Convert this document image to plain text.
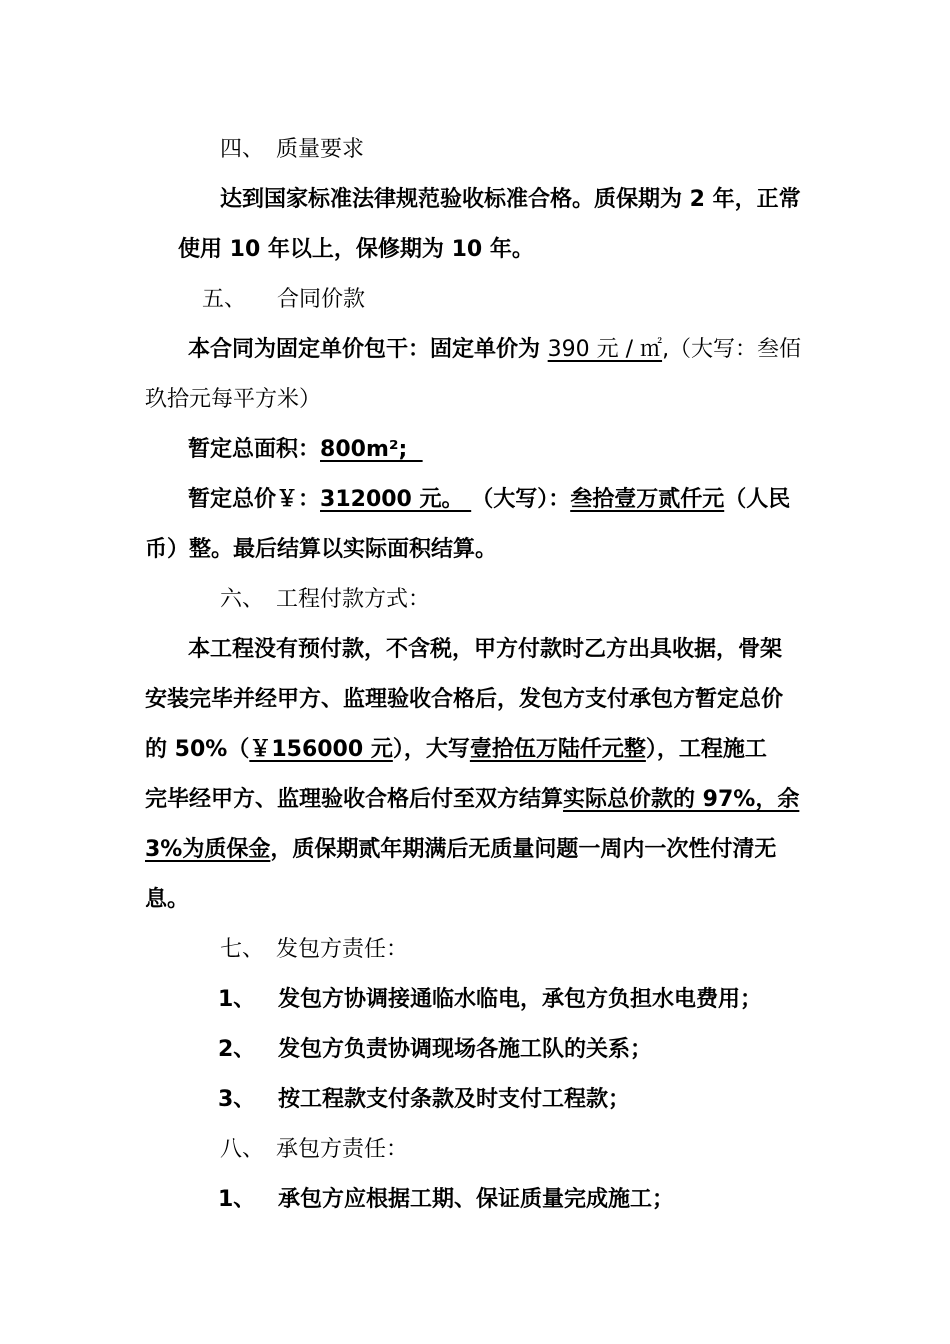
四、 质量要求
达到国家标准法律规范验收标准合格。质保期为 2 年，正常
使用 10 年以上，保修期为 10 年。
五、 合同价款
本合同为固定单价包干：固定单价为 390 元 / ㎡,（大写：叁佰
玖拾元每平方米）
暂定总面积：800m²;
暂定总价￥：312000 元。 （大写）：叁拾壹万贰仟元（人民
币）整。最后结算以实际面积结算。
六、 工程付款方式：
本工程没有预付款，不含税，甲方付款时乙方出具收据，骨架
安装完毕并经甲方、监理验收合格后，发包方支付承包方暂定总价
的 50%（￥156000 元），大写壹拾伍万陆仟元整），工程施工
完毕经甲方、监理验收合格后付至双方结算实际总价款的 97%，余
3%为质保金，质保期贰年期满后无质量问题一周内一次性付清无
息。
七、 发包方责任：
1、 发包方协调接通临水临电，承包方负担水电费用；
2、 发包方负责协调现场各施工队的关系；
3、 按工程款支付条款及时支付工程款；
八、 承包方责任：
1、 承包方应根据工期、保证质量完成施工；
